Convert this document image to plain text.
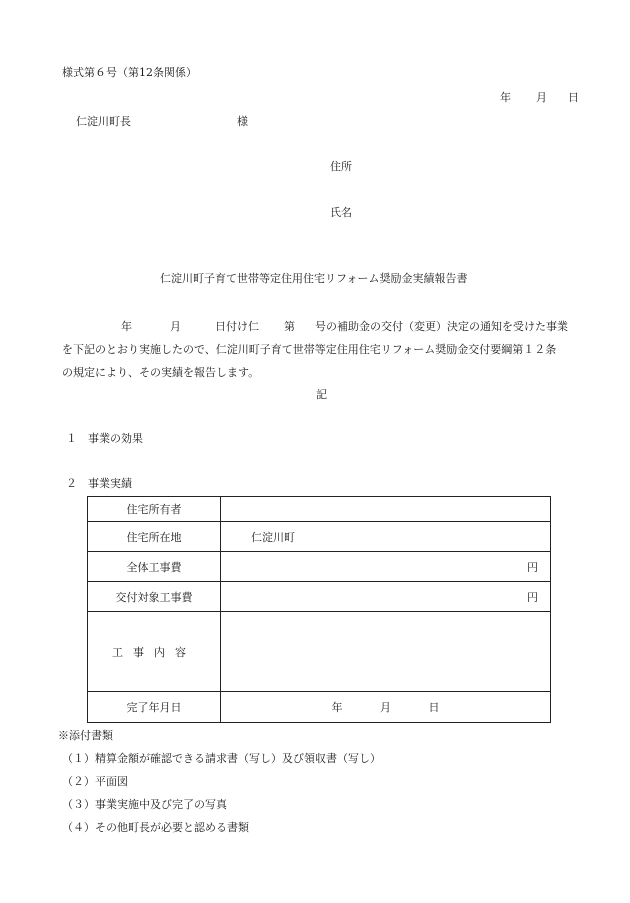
様式第６号（第12条関係）
年 月 日
仁淀川町長	様
住所
氏名
仁淀川町子育て世帯等定住用住宅リフォーム奨励金実績報告書
年	月	日付け仁 第 号の補助金の交付（変更）決定の通知を受けた事業
を下記のとおり実施したので、仁淀川町子育て世帯等定住用住宅リフォーム奨励金交付要綱第１２条
の規定により、その実績を報告します。
記
１　事業の効果
２　事業実績
住宅所有者	
住宅所在地	仁淀川町
全体工事費	円

交付対象工事費	円

工事内容	
完了年月日	年 月 日
※添付書類
（１）精算金額が確認できる請求書（写し）及び領収書（写し）
（２）平面図
（３）事業実施中及び完了の写真
（４）その他町長が必要と認める書類
